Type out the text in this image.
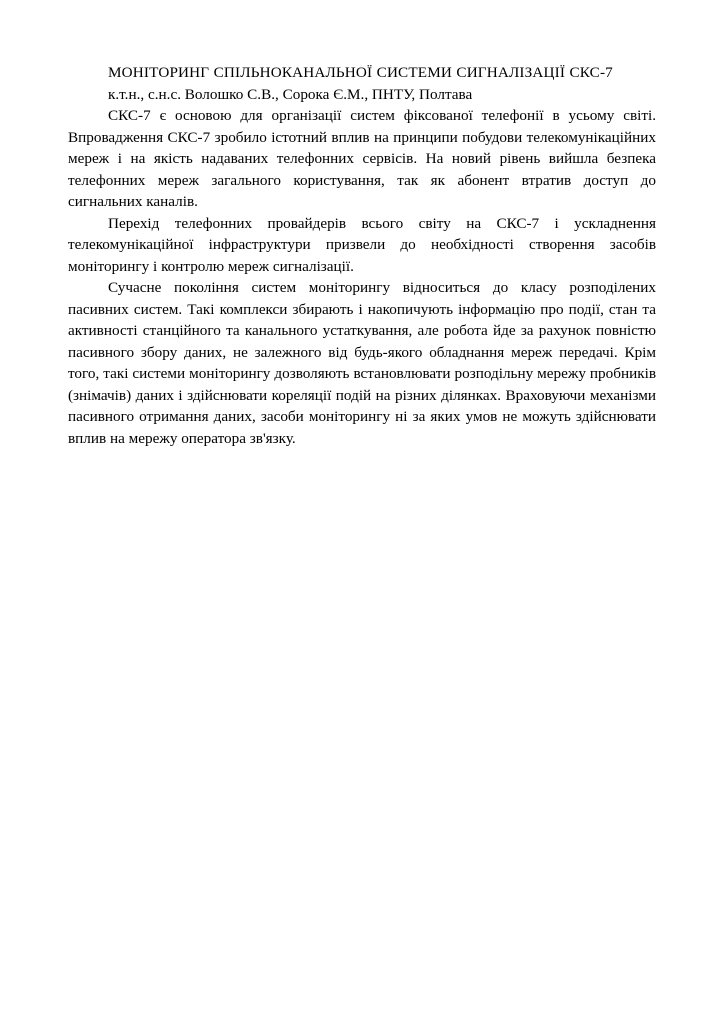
МОНІТОРИНГ СПІЛЬНОКАНАЛЬНОЇ СИСТЕМИ СИГНАЛІЗАЦІЇ СКС-7

к.т.н., с.н.с. Волошко С.В., Сорока Є.М., ПНТУ, Полтава

СКС-7 є основою для організації систем фіксованої телефонії в усьому світі. Впровадження СКС-7 зробило істотний вплив на принципи побудови телекомунікаційних мереж і на якість надаваних телефонних сервісів. На новий рівень вийшла безпека телефонних мереж загального користування, так як абонент втратив доступ до сигнальних каналів.

Перехід телефонних провайдерів всього світу на СКС-7 і ускладнення телекомунікаційної інфраструктури призвели до необхідності створення засобів моніторингу і контролю мереж сигналізації.

Сучасне покоління систем моніторингу відноситься до класу розподілених пасивних систем. Такі комплекси збирають і накопичують інформацію про події, стан та активності станційного та канального устаткування, але робота йде за рахунок повністю пасивного збору даних, не залежного від будь-якого обладнання мереж передачі. Крім того, такі системи моніторингу дозволяють встановлювати розподільну мережу пробників (знімачів) даних і здійснювати кореляції подій на різних ділянках. Враховуючи механізми пасивного отримання даних, засоби моніторингу ні за яких умов не можуть здійснювати вплив на мережу оператора зв'язку.
